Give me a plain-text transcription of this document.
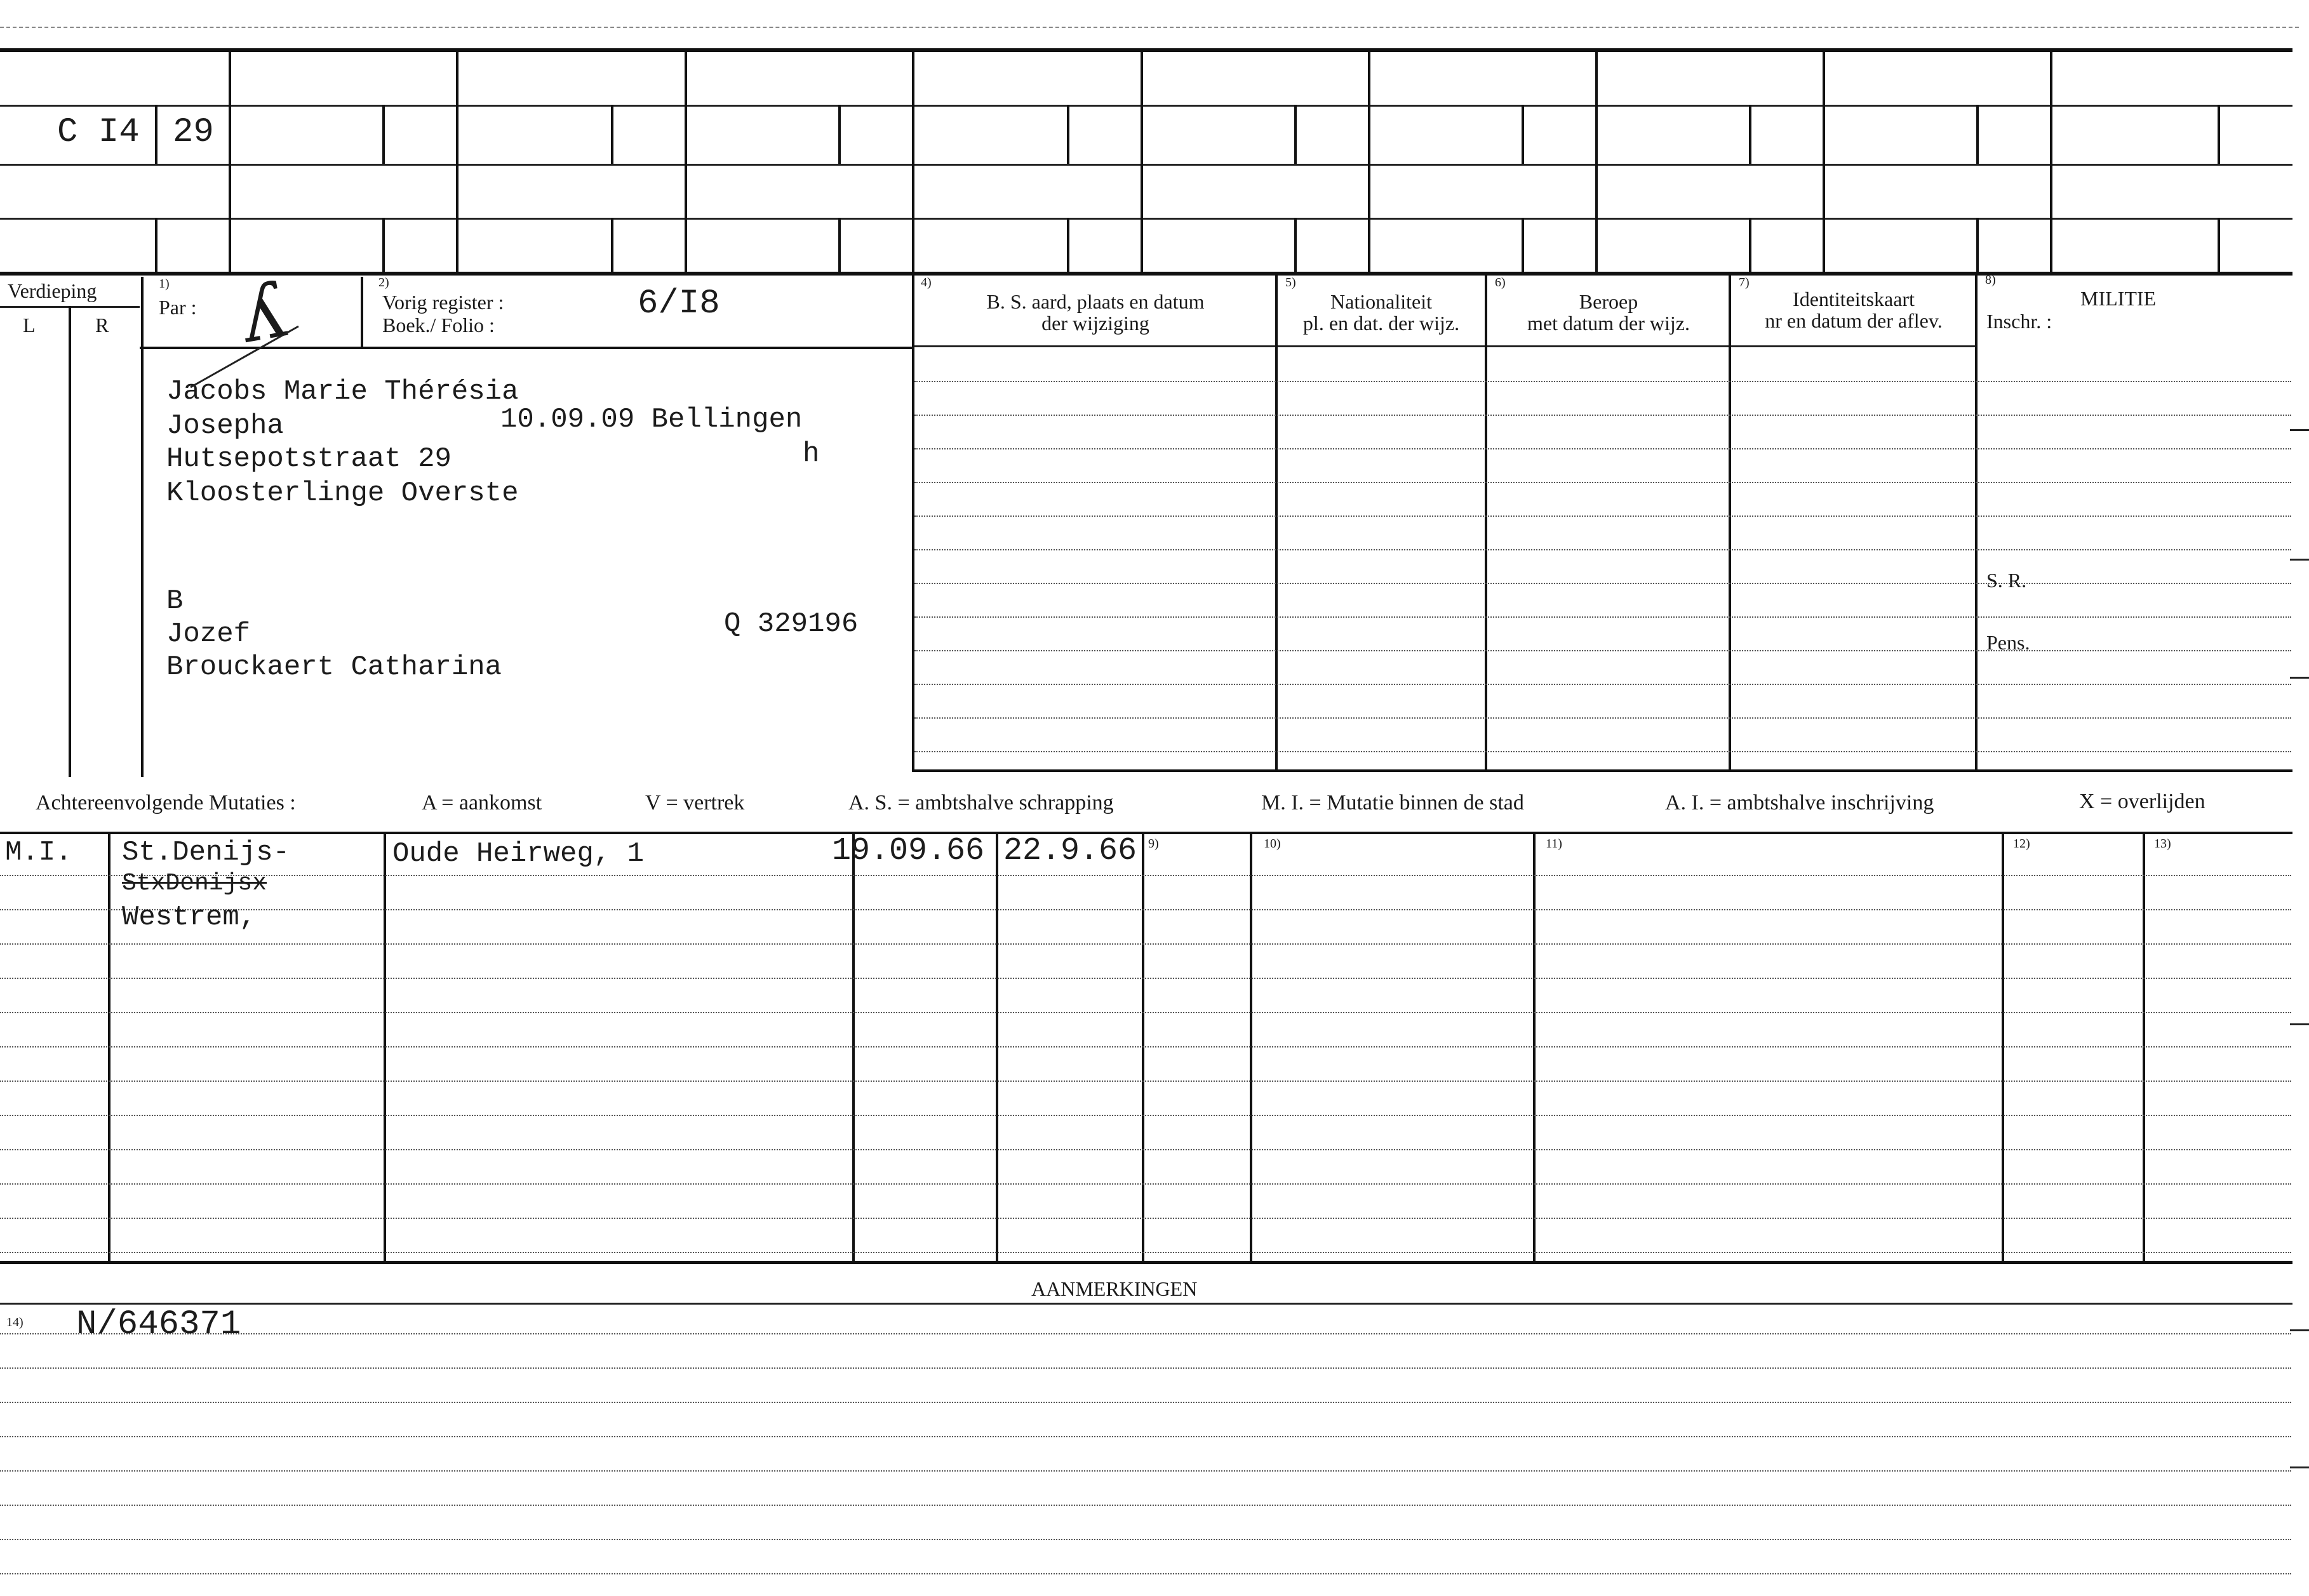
C I4 29
Verdieping
L	R
1)
Par : ʎ	2)
Vorig register :
Boek./ Folio :
6/I8
4)
B. S. aard, plaats en datum
der wijziging
5)
Nationaliteit
pl. en dat. der wijz.
6)
Beroep
met datum der wijz.
7)
Identiteitskaart
nr en datum der aflev.
8)
MILITIE
Inschr. :
S. R.
Pens.
Jacobs Marie Thérésia
Josepha	10.09.09 Bellingen
Hutsepotstraat 29	h
Kloosterlinge Overste
B
Jozef	Q 329196
Brouckaert Catharina
Achtereenvolgende Mutaties :	A = aankomst	V = vertrek	A. S. = ambtshalve schrapping	M. I. = Mutatie binnen de stad	A. I. = ambtshalve inschrijving	X = overlijden
9)	10)	11)	12)	13)
M.I. St.Denijs-
StxDenijsx
Westrem,
Oude Heirweg, 1	19.09.66 22.9.66
AANMERKINGEN
14) N/646371
